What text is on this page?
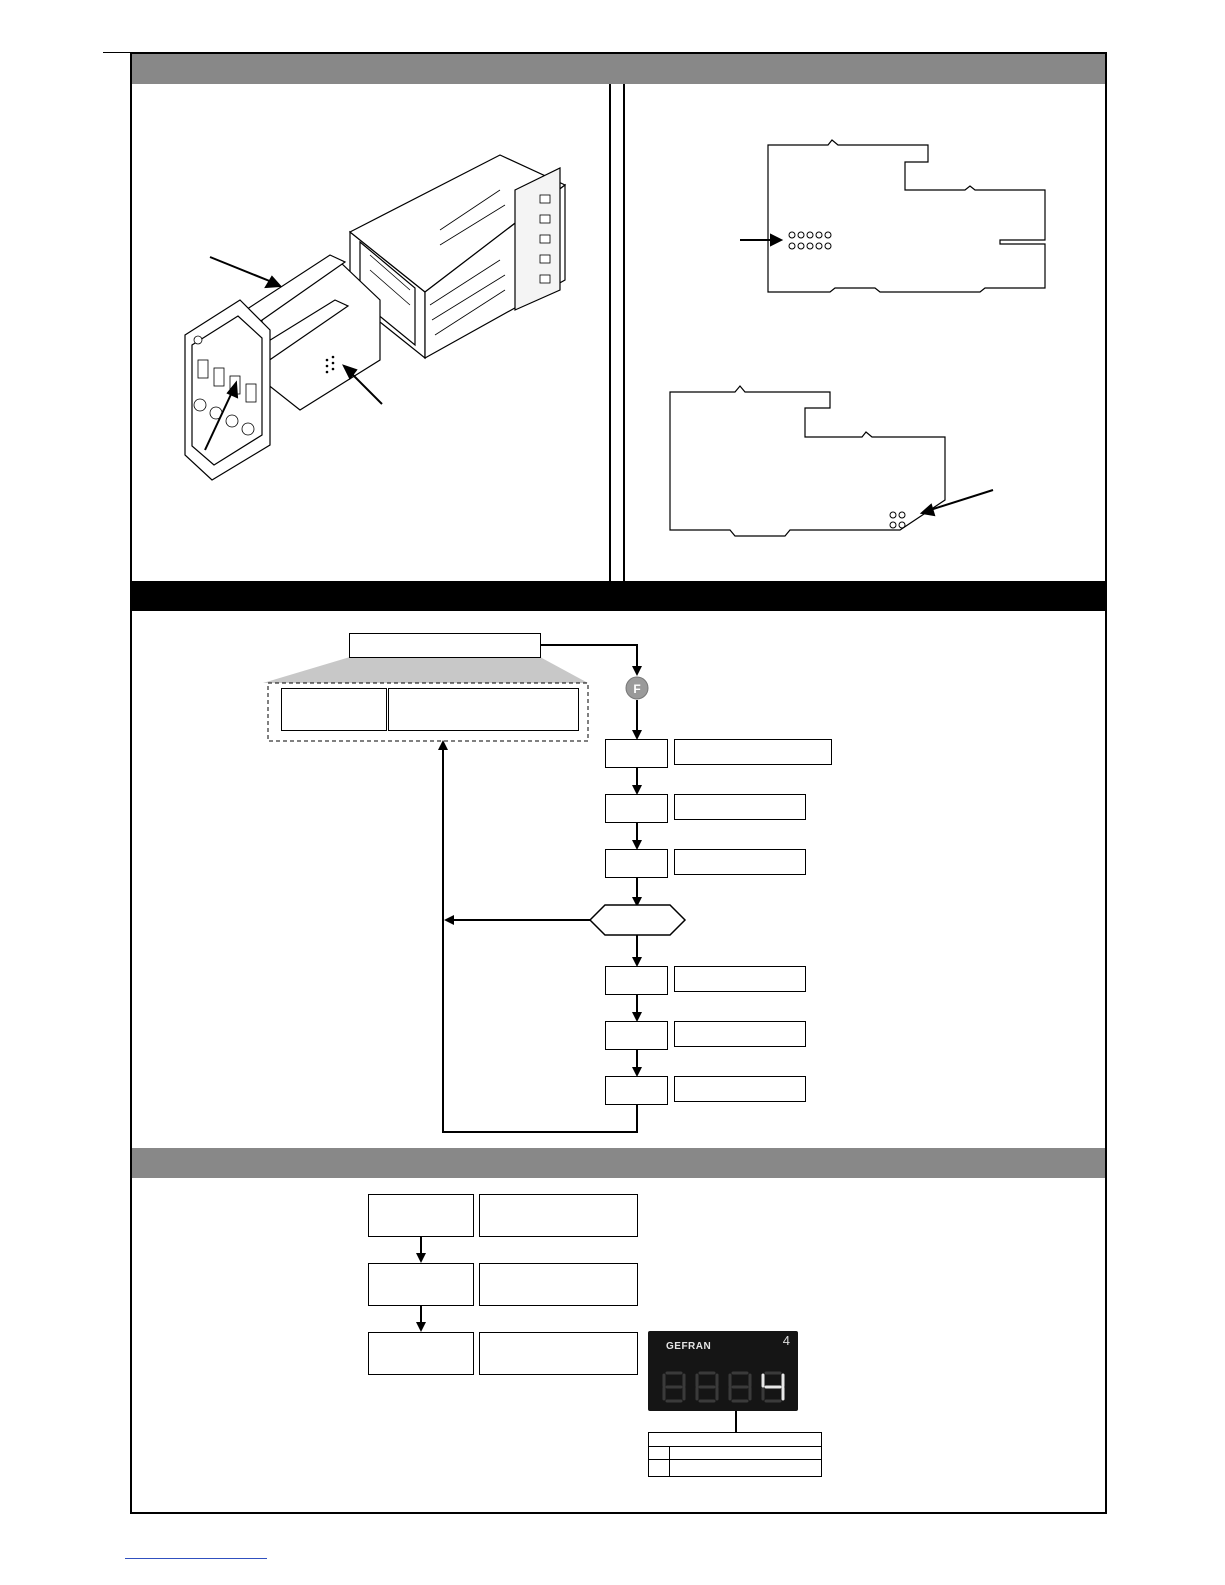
F
GEFRAN	4
